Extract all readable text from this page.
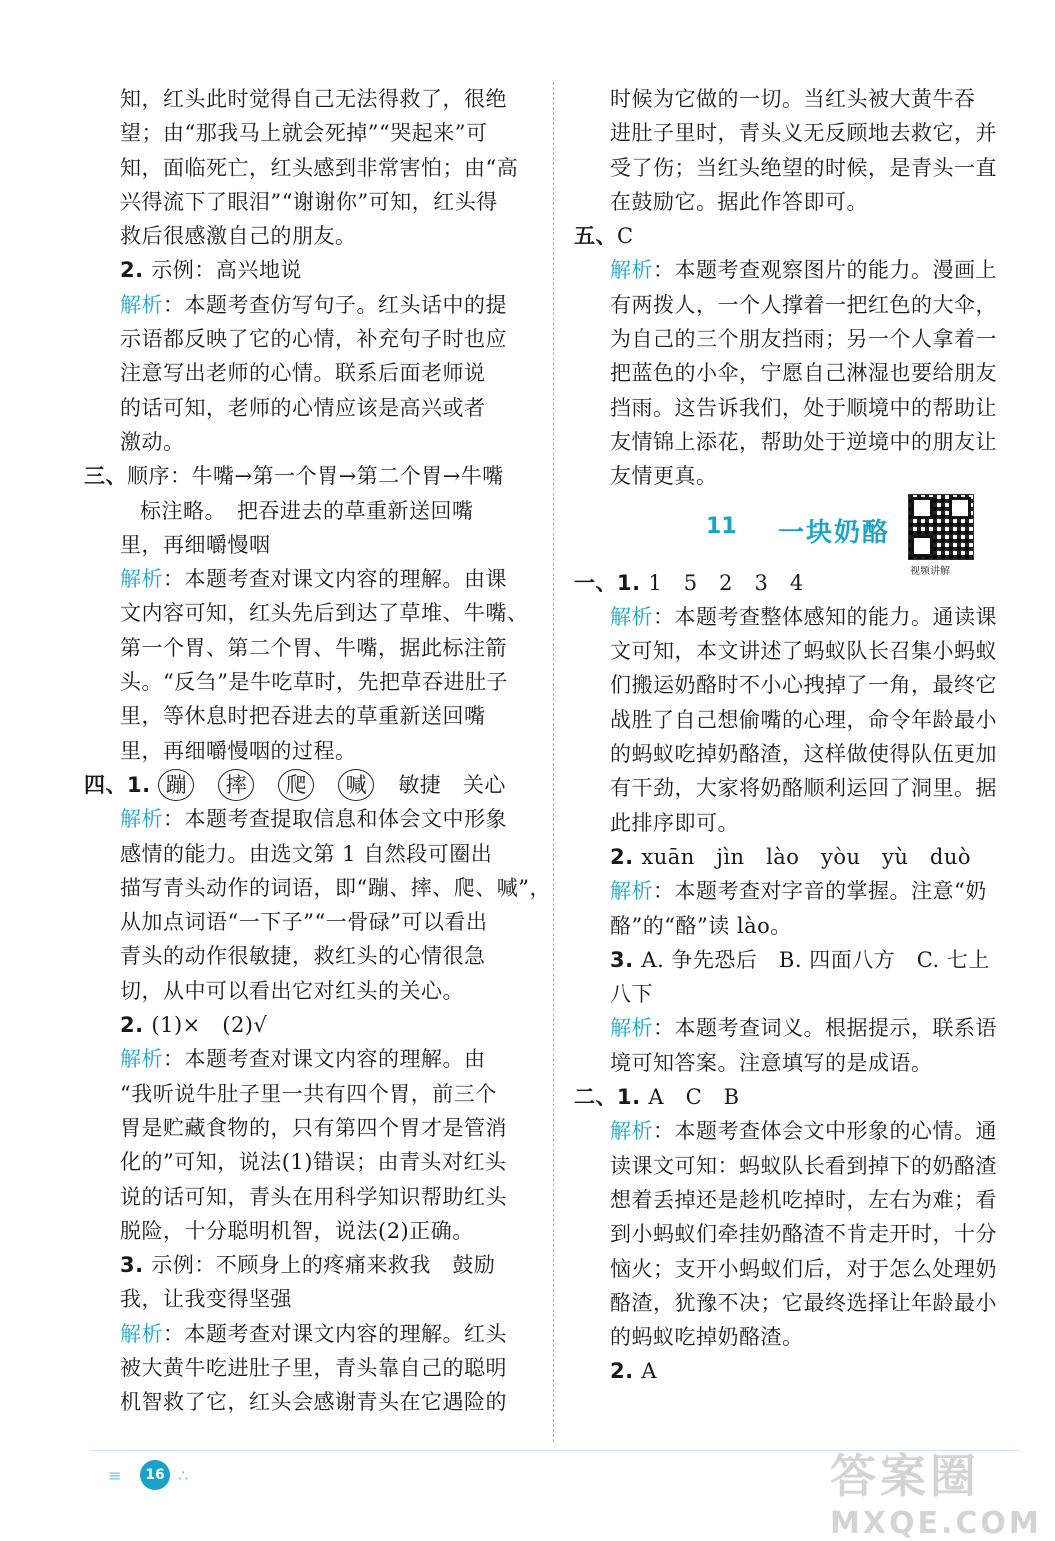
知，红头此时觉得自己无法得救了，很绝
望；由“那我马上就会死掉”“哭起来”可
知，面临死亡，红头感到非常害怕；由“高
兴得流下了眼泪”“谢谢你”可知，红头得
救后很感激自己的朋友。
2. 示例：高兴地说
解析：本题考查仿写句子。红头话中的提
示语都反映了它的心情，补充句子时也应
注意写出老师的心情。联系后面老师说
的话可知，老师的心情应该是高兴或者
激动。
三、顺序：牛嘴→第一个胃→第二个胃→牛嘴
标注略。　把吞进去的草重新送回嘴
里，再细嚼慢咽
解析：本题考查对课文内容的理解。由课
文内容可知，红头先后到达了草堆、牛嘴、
第一个胃、第二个胃、牛嘴，据此标注箭
头。“反刍”是牛吃草时，先把草吞进肚子
里，等休息时把吞进去的草重新送回嘴
里，再细嚼慢咽的过程。
四、1. 蹦 摔 爬 喊 敏捷　关心
解析：本题考查提取信息和体会文中形象
感情的能力。由选文第 1 自然段可圈出
描写青头动作的词语，即“蹦、摔、爬、喊”，
从加点词语“一下子”“一骨碌”可以看出
青头的动作很敏捷，救红头的心情很急
切，从中可以看出它对红头的关心。
2. (1)×　(2)√
解析：本题考查对课文内容的理解。由
“我听说牛肚子里一共有四个胃，前三个
胃是贮藏食物的，只有第四个胃才是管消
化的”可知，说法(1)错误；由青头对红头
说的话可知，青头在用科学知识帮助红头
脱险，十分聪明机智，说法(2)正确。
3. 示例：不顾身上的疼痛来救我　鼓励
我，让我变得坚强
解析：本题考查对课文内容的理解。红头
被大黄牛吃进肚子里，青头靠自己的聪明
机智救了它，红头会感谢青头在它遇险的
时候为它做的一切。当红头被大黄牛吞
进肚子里时，青头义无反顾地去救它，并
受了伤；当红头绝望的时候，是青头一直
在鼓励它。据此作答即可。
五、C
解析：本题考查观察图片的能力。漫画上
有两拨人，一个人撑着一把红色的大伞，
为自己的三个朋友挡雨；另一个人拿着一
把蓝色的小伞，宁愿自己淋湿也要给朋友
挡雨。这告诉我们，处于顺境中的帮助让
友情锦上添花，帮助处于逆境中的朋友让
友情更真。
11 一块奶酪
视频讲解
一、1. 1　5　2　3　4
解析：本题考查整体感知的能力。通读课
文可知，本文讲述了蚂蚁队长召集小蚂蚁
们搬运奶酪时不小心拽掉了一角，最终它
战胜了自己想偷嘴的心理，命令年龄最小
的蚂蚁吃掉奶酪渣，这样做使得队伍更加
有干劲，大家将奶酪顺利运回了洞里。据
此排序即可。
2. xuān　jìn　lào　yòu　yù　duò
解析：本题考查对字音的掌握。注意“奶
酪”的“酪”读 lào。
3. A. 争先恐后　B. 四面八方　C. 七上
八下
解析：本题考查词义。根据提示，联系语
境可知答案。注意填写的是成语。
二、1. A　C　B
解析：本题考查体会文中形象的心情。通
读课文可知：蚂蚁队长看到掉下的奶酪渣
想着丢掉还是趁机吃掉时，左右为难；看
到小蚂蚁们牵挂奶酪渣不肯走开时，十分
恼火；支开小蚂蚁们后，对于怎么处理奶
酪渣，犹豫不决；它最终选择让年龄最小
的蚂蚁吃掉奶酪渣。
2. A
≡	16 ∴	答案圈
MXQE.COM
